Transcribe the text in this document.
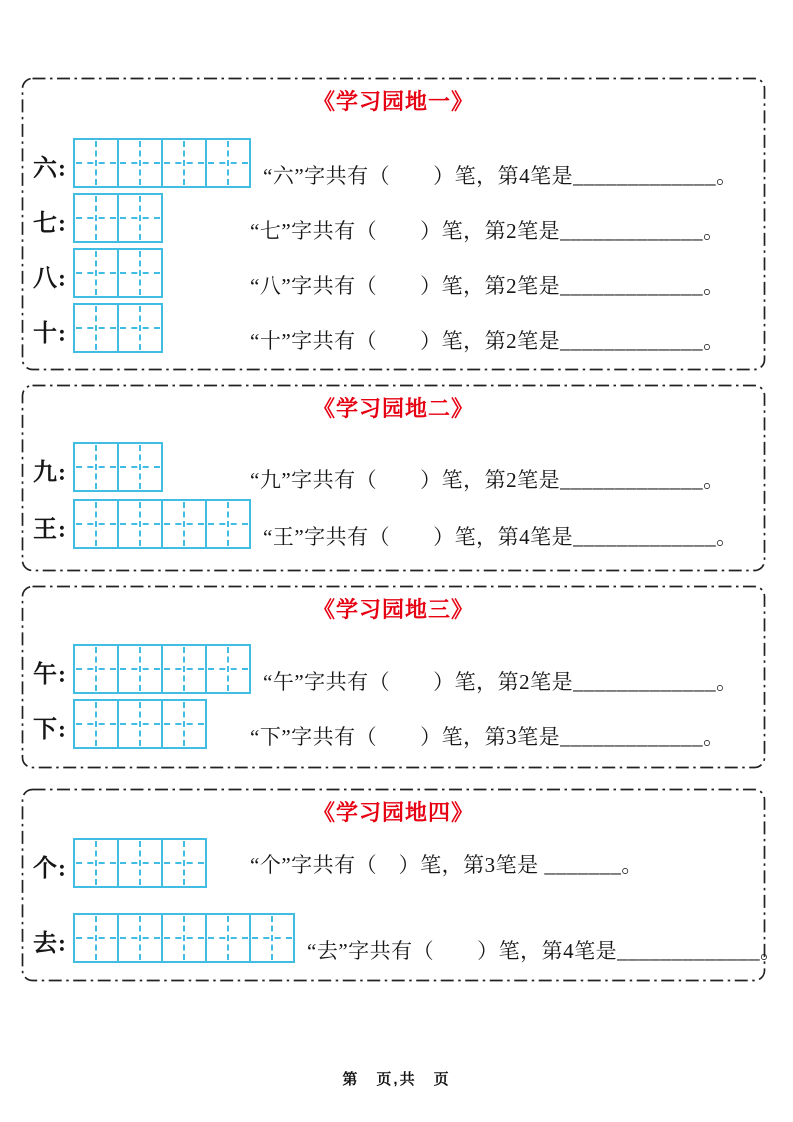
《学习园地一》
六:	“六”字共有（　　）笔，第4笔是_____________。
七:	“七”字共有（　　）笔，第2笔是_____________。
八:	“八”字共有（　　）笔，第2笔是_____________。
十:	“十”字共有（　　）笔，第2笔是_____________。
《学习园地二》
九:	“九”字共有（　　）笔，第2笔是_____________。
王:	“王”字共有（　　）笔，第4笔是_____________。
《学习园地三》
午:	“午”字共有（　　）笔，第2笔是_____________。
下:	“下”字共有（　　）笔，第3笔是_____________。
《学习园地四》
个:	“个”字共有（　）笔，第3笔是 _______。
去:	“去”字共有（　　）笔，第4笔是_____________。
第　页,共　页
